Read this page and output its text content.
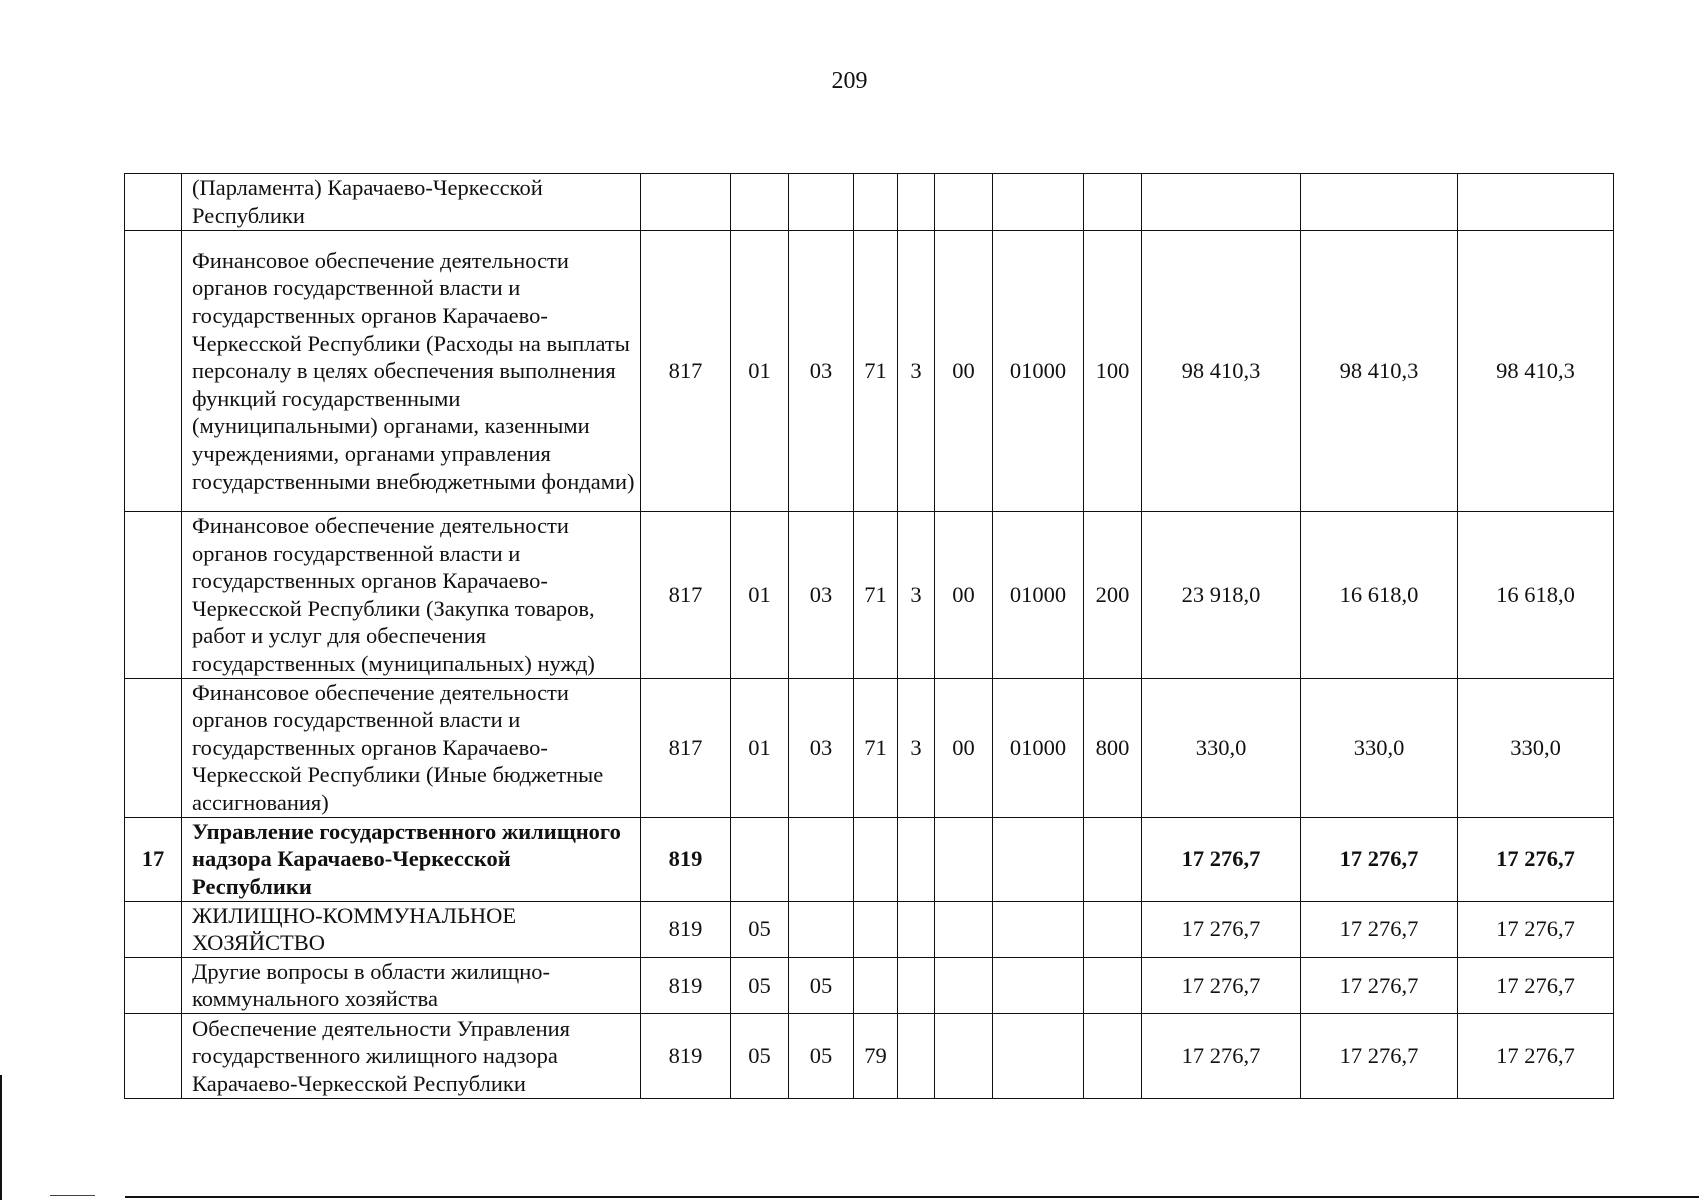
209
	(Парламента) Карачаево-Черкесской Республики											
	Финансовое обеспечение деятельности органов государственной власти и государственных органов Карачаево-Черкесской Республики (Расходы на выплаты персоналу в целях обеспечения выполнения функций государственными (муниципальными) органами, казенными учреждениями, органами управления государственными внебюджетными фондами)	817	01	03	71	3	00	01000	100	98 410,3	98 410,3	98 410,3
	Финансовое обеспечение деятельности органов государственной власти и государственных органов Карачаево-Черкесской Республики (Закупка товаров, работ и услуг для обеспечения государственных (муниципальных) нужд)	817	01	03	71	3	00	01000	200	23 918,0	16 618,0	16 618,0
	Финансовое обеспечение деятельности органов государственной власти и государственных органов Карачаево-Черкесской Республики (Иные бюджетные ассигнования)	817	01	03	71	3	00	01000	800	330,0	330,0	330,0
17	Управление государственного жилищного надзора Карачаево-Черкесской Республики	819								17 276,7	17 276,7	17 276,7
	ЖИЛИЩНО-КОММУНАЛЬНОЕ ХОЗЯЙСТВО	819	05							17 276,7	17 276,7	17 276,7
	Другие вопросы в области жилищно-коммунального хозяйства	819	05	05						17 276,7	17 276,7	17 276,7
	Обеспечение деятельности Управления государственного жилищного надзора Карачаево-Черкесской Республики	819	05	05	79					17 276,7	17 276,7	17 276,7
